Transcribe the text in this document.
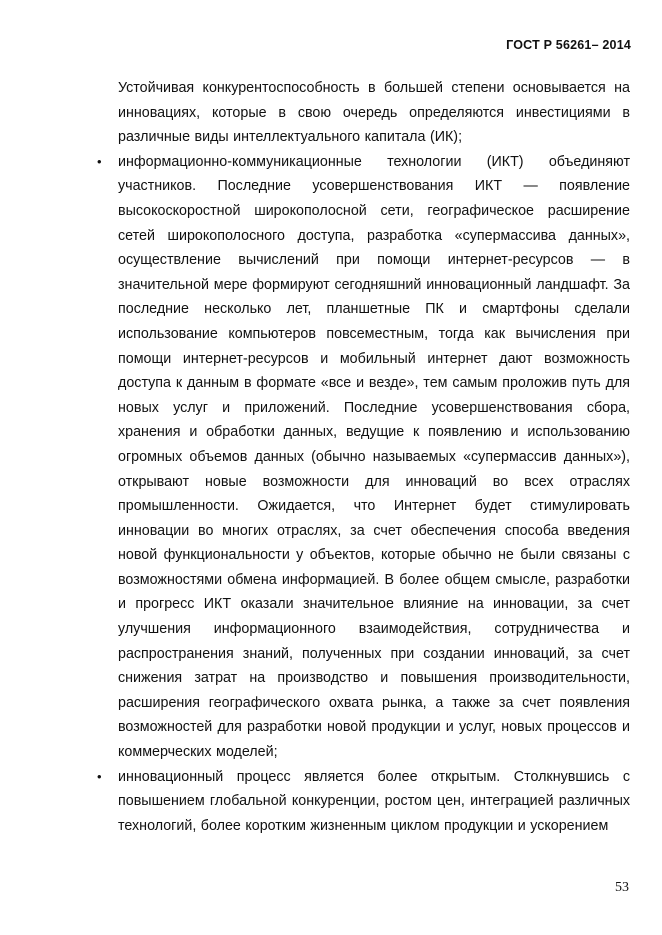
ГОСТ Р 56261– 2014

Устойчивая конкурентоспособность в большей степени основывается на инновациях, которые в свою очередь определяются инвестициями в различные виды интеллектуального капитала (ИК);

• информационно-коммуникационные технологии (ИКТ) объединяют участников. Последние усовершенствования ИКТ — появление высокоскоростной широкополосной сети, географическое расширение сетей широкополосного доступа, разработка «супермассива данных», осуществление вычислений при помощи интернет-ресурсов — в значительной мере формируют сегодняшний инновационный ландшафт. За последние несколько лет, планшетные ПК и смартфоны сделали использование компьютеров повсеместным, тогда как вычисления при помощи интернет-ресурсов и мобильный интернет дают возможность доступа к данным в формате «все и везде», тем самым проложив путь для новых услуг и приложений. Последние усовершенствования сбора, хранения и обработки данных, ведущие к появлению и использованию огромных объемов данных (обычно называемых «супермассив данных»), открывают новые возможности для инноваций во всех отраслях промышленности. Ожидается, что Интернет будет стимулировать инновации во многих отраслях, за счет обеспечения способа введения новой функциональности у объектов, которые обычно не были связаны с возможностями обмена информацией. В более общем смысле, разработки и прогресс ИКТ оказали значительное влияние на инновации, за счет улучшения информационного взаимодействия, сотрудничества и распространения знаний, полученных при создании инноваций, за счет снижения затрат на производство и повышения производительности, расширения географического охвата рынка, а также за счет появления возможностей для разработки новой продукции и услуг, новых процессов и коммерческих моделей;
• инновационный процесс является более открытым. Столкнувшись с повышением глобальной конкуренции, ростом цен, интеграцией различных технологий, более коротким жизненным циклом продукции и ускорением
53
